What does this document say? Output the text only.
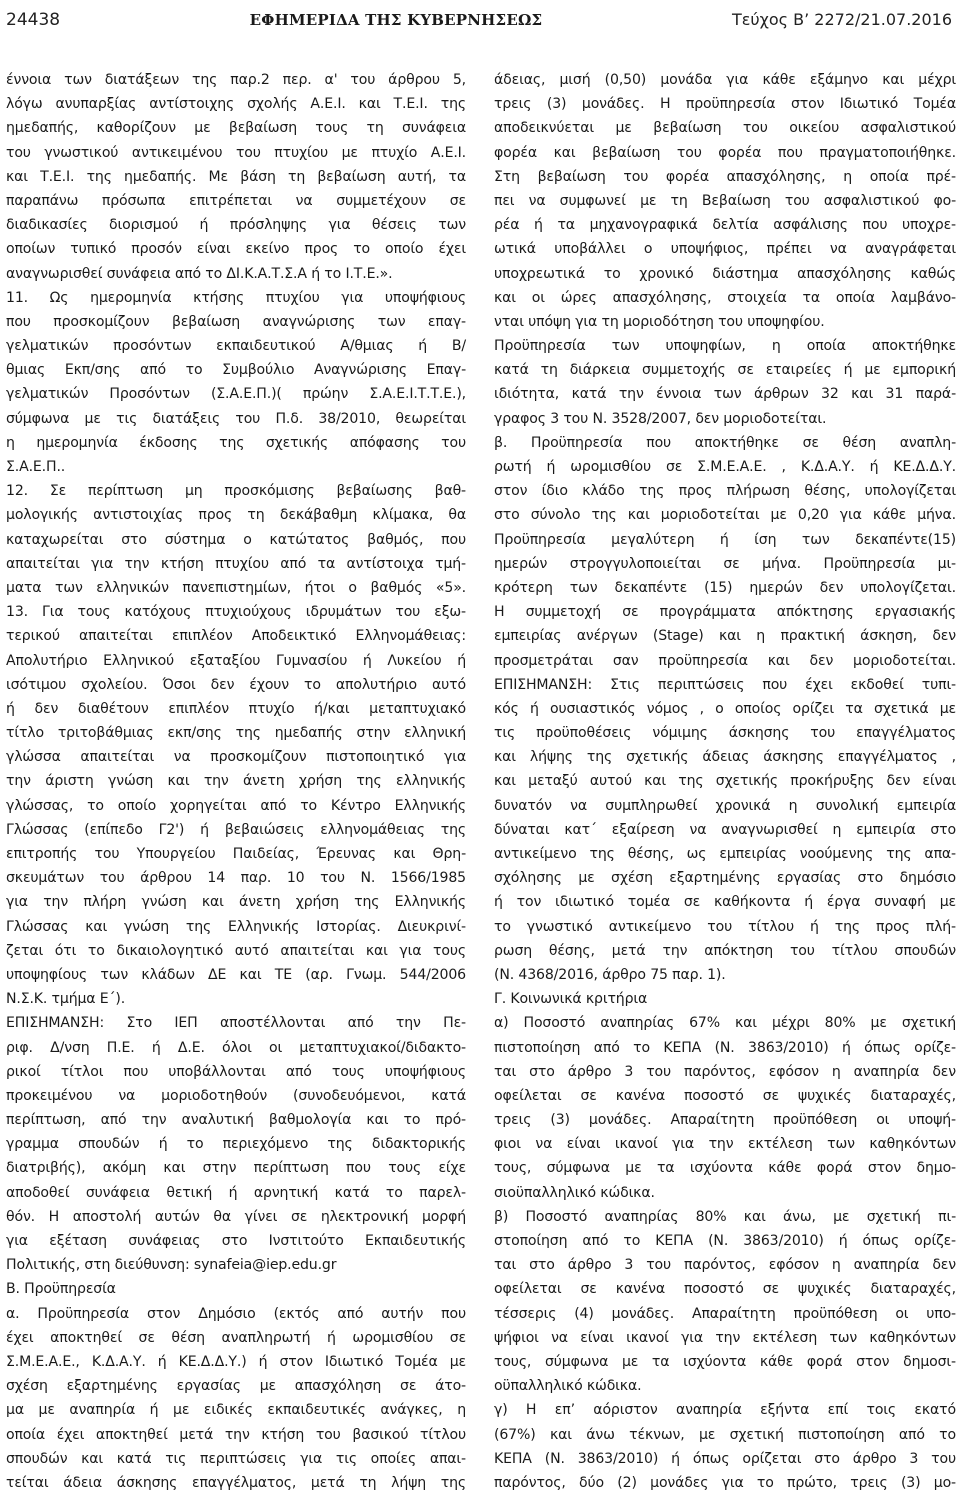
24438	ΕΦΗΜΕΡΙΔΑ ΤΗΣ ΚΥΒΕΡΝΗΣΕΩΣ	Τεύχος Β’ 2272/21.07.2016
έννοια των διατάξεων της παρ.2 περ. α' του άρθρου 5,
λόγω ανυπαρξίας αντίστοιχης σχολής Α.Ε.Ι. και Τ.Ε.Ι. της
ημεδαπής, καθορίζουν με βεβαίωση τους τη συνάφεια
του γνωστικού αντικειμένου του πτυχίου με πτυχίο Α.Ε.Ι.
και Τ.Ε.Ι. της ημεδαπής. Με βάση τη βεβαίωση αυτή, τα
παραπάνω πρόσωπα επιτρέπεται να συμμετέχουν σε
διαδικασίες διορισμού ή πρόσληψης για θέσεις των
οποίων τυπικό προσόν είναι εκείνο προς το οποίο έχει
αναγνωρισθεί συνάφεια από το ΔΙ.Κ.Α.Τ.Σ.Α ή το Ι.Τ.Ε.».
11. Ως ημερομηνία κτήσης πτυχίου για υποψήφιους
που προσκομίζουν βεβαίωση αναγνώρισης των επαγ-
γελματικών προσόντων εκπαιδευτικού Α/θμιας ή Β/
θμιας Εκπ/σης από το Συμβούλιο Αναγνώρισης Επαγ-
γελματικών Προσόντων (Σ.Α.Ε.Π.)( πρώην Σ.Α.Ε.Ι.Τ.Τ.Ε.),
σύμφωνα με τις διατάξεις του Π.δ. 38/2010, θεωρείται
η ημερομηνία έκδοσης της σχετικής απόφασης του
Σ.Α.Ε.Π..
12. Σε περίπτωση μη προσκόμισης βεβαίωσης βαθ-
μολογικής αντιστοιχίας προς τη δεκάβαθμη κλίμακα, θα
καταχωρείται στο σύστημα ο κατώτατος βαθμός, που
απαιτείται για την κτήση πτυχίου από τα αντίστοιχα τμή-
ματα των ελληνικών πανεπιστημίων, ήτοι ο βαθμός «5».
13. Για τους κατόχους πτυχιούχους ιδρυμάτων του εξω-
τερικού απαιτείται επιπλέον Αποδεικτικό Ελληνομάθειας:
Απολυτήριο Ελληνικού εξαταξίου Γυμνασίου ή Λυκείου ή
ισότιμου σχολείου. Όσοι δεν έχουν το απολυτήριο αυτό
ή δεν διαθέτουν επιπλέον πτυχίο ή/και μεταπτυχιακό
τίτλο τριτοβάθμιας εκπ/σης της ημεδαπής στην ελληνική
γλώσσα απαιτείται να προσκομίζουν πιστοποιητικό για
την άριστη γνώση και την άνετη χρήση της ελληνικής
γλώσσας, το οποίο χορηγείται από το Κέντρο Ελληνικής
Γλώσσας (επίπεδο Γ2') ή βεβαιώσεις ελληνομάθειας της
επιτροπής του Υπουργείου Παιδείας, Έρευνας και Θρη-
σκευμάτων του άρθρου 14 παρ. 10 του Ν. 1566/1985
για την πλήρη γνώση και άνετη χρήση της Ελληνικής
Γλώσσας και γνώση της Ελληνικής Ιστορίας. Διευκρινί-
ζεται ότι το δικαιολογητικό αυτό απαιτείται και για τους
υποψηφίους των κλάδων ΔΕ και ΤΕ (αρ. Γνωμ. 544/2006
Ν.Σ.Κ. τμήμα Ε΄).
ΕΠΙΣΗΜΑΝΣΗ: Στο ΙΕΠ αποστέλλονται από την Πε-
ριφ. Δ/νση Π.Ε. ή Δ.Ε. όλοι οι μεταπτυχιακοί/διδακτο-
ρικοί τίτλοι που υποβάλλονται από τους υποψήφιους
προκειμένου να μοριοδοτηθούν (συνοδευόμενοι, κατά
περίπτωση, από την αναλυτική βαθμολογία και το πρό-
γραμμα σπουδών ή το περιεχόμενο της διδακτορικής
διατριβής), ακόμη και στην περίπτωση που τους είχε
αποδοθεί συνάφεια θετική ή αρνητική κατά το παρελ-
θόν. Η αποστολή αυτών θα γίνει σε ηλεκτρονική μορφή
για εξέταση συνάφειας στο Ινστιτούτο Εκπαιδευτικής
Πολιτικής, στη διεύθυνση: synafeia@iep.edu.gr
Β. Προϋπηρεσία
α. Προϋπηρεσία στον Δημόσιο (εκτός από αυτήν που
έχει αποκτηθεί σε θέση αναπληρωτή ή ωρομισθίου σε
Σ.Μ.Ε.Α.Ε., Κ.Δ.Α.Υ. ή ΚΕ.Δ.Δ.Υ.) ή στον Ιδιωτικό Τομέα με
σχέση εξαρτημένης εργασίας με απασχόληση σε άτο-
μα με αναπηρία ή με ειδικές εκπαιδευτικές ανάγκες, η
οποία έχει αποκτηθεί μετά την κτήση του βασικού τίτλου
σπουδών και κατά τις περιπτώσεις για τις οποίες απαι-
τείται άδεια άσκησης επαγγέλματος, μετά τη λήψη της
άδειας, μισή (0,50) μονάδα για κάθε εξάμηνο και μέχρι
τρεις (3) μονάδες. Η προϋπηρεσία στον Ιδιωτικό Τομέα
αποδεικνύεται με βεβαίωση του οικείου ασφαλιστικού
φορέα και βεβαίωση του φορέα που πραγματοποιήθηκε.
Στη βεβαίωση του φορέα απασχόλησης, η οποία πρέ-
πει να συμφωνεί με τη Βεβαίωση του ασφαλιστικού φο-
ρέα ή τα μηχανογραφικά δελτία ασφάλισης που υποχρε-
ωτικά υποβάλλει ο υποψήφιος, πρέπει να αναγράφεται
υποχρεωτικά το χρονικό διάστημα απασχόλησης καθώς
και οι ώρες απασχόλησης, στοιχεία τα οποία λαμβάνο-
νται υπόψη για τη μοριοδότηση του υποψηφίου.
Προϋπηρεσία των υποψηφίων, η οποία αποκτήθηκε
κατά τη διάρκεια συμμετοχής σε εταιρείες ή με εμπορική
ιδιότητα, κατά την έννοια των άρθρων 32 και 31 παρά-
γραφος 3 του Ν. 3528/2007, δεν μοριοδοτείται.
β. Προϋπηρεσία που αποκτήθηκε σε θέση αναπλη-
ρωτή ή ωρομισθίου σε Σ.Μ.Ε.Α.Ε. , Κ.Δ.Α.Υ. ή ΚΕ.Δ.Δ.Υ.
στον ίδιο κλάδο της προς πλήρωση θέσης, υπολογίζεται
στο σύνολο της και μοριοδοτείται με 0,20 για κάθε μήνα.
Προϋπηρεσία μεγαλύτερη ή ίση των δεκαπέντε(15)
ημερών στρογγυλοποιείται σε μήνα. Προϋπηρεσία μι-
κρότερη των δεκαπέντε (15) ημερών δεν υπολογίζεται.
Η συμμετοχή σε προγράμματα απόκτησης εργασιακής
εμπειρίας ανέργων (Stage) και η πρακτική άσκηση, δεν
προσμετράται σαν προϋπηρεσία και δεν μοριοδοτείται.
ΕΠΙΣΗΜΑΝΣΗ: Στις περιπτώσεις που έχει εκδοθεί τυπι-
κός ή ουσιαστικός νόμος , ο οποίος ορίζει τα σχετικά με
τις προϋποθέσεις νόμιμης άσκησης του επαγγέλματος
και λήψης της σχετικής άδειας άσκησης επαγγέλματος ,
και μεταξύ αυτού και της σχετικής προκήρυξης δεν είναι
δυνατόν να συμπληρωθεί χρονικά η συνολική εμπειρία
δύναται κατ΄ εξαίρεση να αναγνωρισθεί η εμπειρία στο
αντικείμενο της θέσης, ως εμπειρίας νοούμενης της απα-
σχόλησης με σχέση εξαρτημένης εργασίας στο δημόσιο
ή τον ιδιωτικό τομέα σε καθήκοντα ή έργα συναφή με
το γνωστικό αντικείμενο του τίτλου ή της προς πλή-
ρωση θέσης, μετά την απόκτηση του τίτλου σπουδών
(Ν. 4368/2016, άρθρο 75 παρ. 1).
Γ. Κοινωνικά κριτήρια
α) Ποσοστό αναπηρίας 67% και μέχρι 80% με σχετική
πιστοποίηση από το ΚΕΠΑ (Ν. 3863/2010) ή όπως ορίζε-
ται στο άρθρο 3 του παρόντος, εφόσον η αναπηρία δεν
οφείλεται σε κανένα ποσοστό σε ψυχικές διαταραχές,
τρεις (3) μονάδες. Απαραίτητη προϋπόθεση οι υποψή-
φιοι να είναι ικανοί για την εκτέλεση των καθηκόντων
τους, σύμφωνα με τα ισχύοντα κάθε φορά στον δημο-
σιοϋπαλληλικό κώδικα.
β) Ποσοστό αναπηρίας 80% και άνω, με σχετική πι-
στοποίηση από το ΚΕΠΑ (Ν. 3863/2010) ή όπως ορίζε-
ται στο άρθρο 3 του παρόντος, εφόσον η αναπηρία δεν
οφείλεται σε κανένα ποσοστό σε ψυχικές διαταραχές,
τέσσερις (4) μονάδες. Απαραίτητη προϋπόθεση οι υπο-
ψήφιοι να είναι ικανοί για την εκτέλεση των καθηκόντων
τους, σύμφωνα με τα ισχύοντα κάθε φορά στον δημοσι-
οϋπαλληλικό κώδικα.
γ) Η επ’ αόριστον αναπηρία εξήντα επί τοις εκατό
(67%) και άνω τέκνων, με σχετική πιστοποίηση από το
ΚΕΠΑ (Ν. 3863/2010) ή όπως ορίζεται στο άρθρο 3 του
παρόντος, δύο (2) μονάδες για το πρώτο, τρεις (3) μο-
